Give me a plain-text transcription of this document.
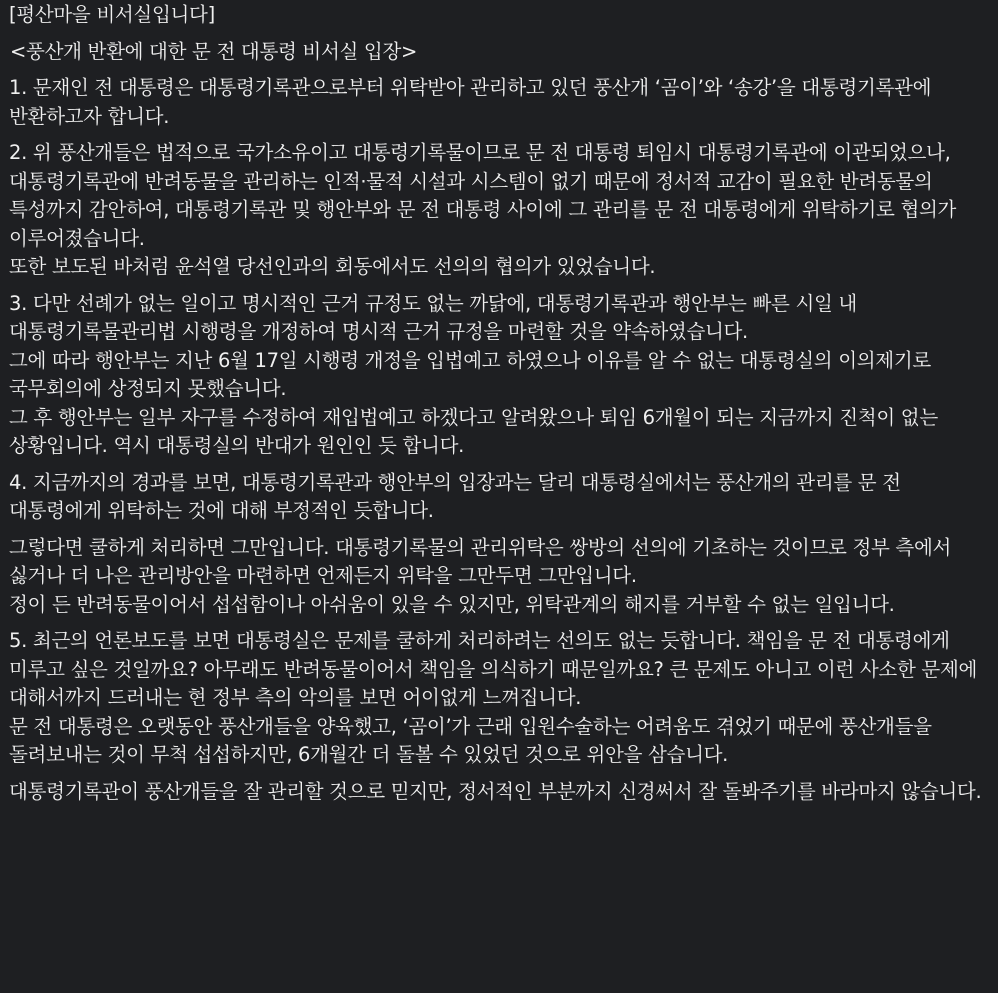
[평산마을 비서실입니다]
<풍산개 반환에 대한 문 전 대통령 비서실 입장>
1. 문재인 전 대통령은 대통령기록관으로부터 위탁받아 관리하고 있던 풍산개 ‘곰이’와 ‘송강’을 대통령기록관에 반환하고자 합니다.
2. 위 풍산개들은 법적으로 국가소유이고 대통령기록물이므로 문 전 대통령 퇴임시 대통령기록관에 이관되었으나, 대통령기록관에 반려동물을 관리하는 인적·물적 시설과 시스템이 없기 때문에 정서적 교감이 필요한 반려동물의 특성까지 감안하여, 대통령기록관 및 행안부와 문 전 대통령 사이에 그 관리를 문 전 대통령에게 위탁하기로 협의가 이루어졌습니다.
또한 보도된 바처럼 윤석열 당선인과의 회동에서도 선의의 협의가 있었습니다.
3. 다만 선례가 없는 일이고 명시적인 근거 규정도 없는 까닭에, 대통령기록관과 행안부는 빠른 시일 내 대통령기록물관리법 시행령을 개정하여 명시적 근거 규정을 마련할 것을 약속하였습니다.
그에 따라 행안부는 지난 6월 17일 시행령 개정을 입법예고 하였으나 이유를 알 수 없는 대통령실의 이의제기로 국무회의에 상정되지 못했습니다.
그 후 행안부는 일부 자구를 수정하여 재입법예고 하겠다고 알려왔으나 퇴임 6개월이 되는 지금까지 진척이 없는 상황입니다. 역시 대통령실의 반대가 원인인 듯 합니다.
4. 지금까지의 경과를 보면, 대통령기록관과 행안부의 입장과는 달리 대통령실에서는 풍산개의 관리를 문 전 대통령에게 위탁하는 것에 대해 부정적인 듯합니다.
그렇다면 쿨하게 처리하면 그만입니다. 대통령기록물의 관리위탁은 쌍방의 선의에 기초하는 것이므로 정부 측에서 싫거나 더 나은 관리방안을 마련하면 언제든지 위탁을 그만두면 그만입니다.
정이 든 반려동물이어서 섭섭함이나 아쉬움이 있을 수 있지만, 위탁관계의 해지를 거부할 수 없는 일입니다.
5. 최근의 언론보도를 보면 대통령실은 문제를 쿨하게 처리하려는 선의도 없는 듯합니다. 책임을 문 전 대통령에게 미루고 싶은 것일까요? 아무래도 반려동물이어서 책임을 의식하기 때문일까요? 큰 문제도 아니고 이런 사소한 문제에 대해서까지 드러내는 현 정부 측의 악의를 보면 어이없게 느껴집니다.
문 전 대통령은 오랫동안 풍산개들을 양육했고, ‘곰이’가 근래 입원수술하는 어려움도 겪었기 때문에 풍산개들을 돌려보내는 것이 무척 섭섭하지만, 6개월간 더 돌볼 수 있었던 것으로 위안을 삼습니다.
대통령기록관이 풍산개들을 잘 관리할 것으로 믿지만, 정서적인 부분까지 신경써서 잘 돌봐주기를 바라마지 않습니다.
